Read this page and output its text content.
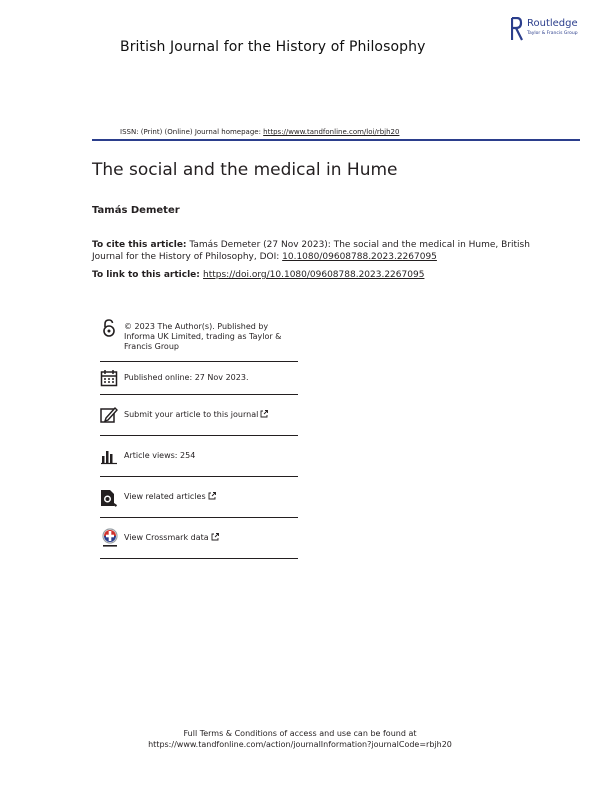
British Journal for the History of Philosophy
Routledge
Taylor & Francis Group
ISSN: (Print) (Online) Journal homepage: https://www.tandfonline.com/loi/rbjh20
The social and the medical in Hume
Tamás Demeter
To cite this article: Tamás Demeter (27 Nov 2023): The social and the medical in Hume, British Journal for the History of Philosophy, DOI: 10.1080/09608788.2023.2267095
To link to this article: https://doi.org/10.1080/09608788.2023.2267095
© 2023 The Author(s). Published by Informa UK Limited, trading as Taylor & Francis Group
Published online: 27 Nov 2023.
Submit your article to this journal
Article views: 254
View related articles
View Crossmark data
Full Terms & Conditions of access and use can be found at
https://www.tandfonline.com/action/journalInformation?journalCode=rbjh20
